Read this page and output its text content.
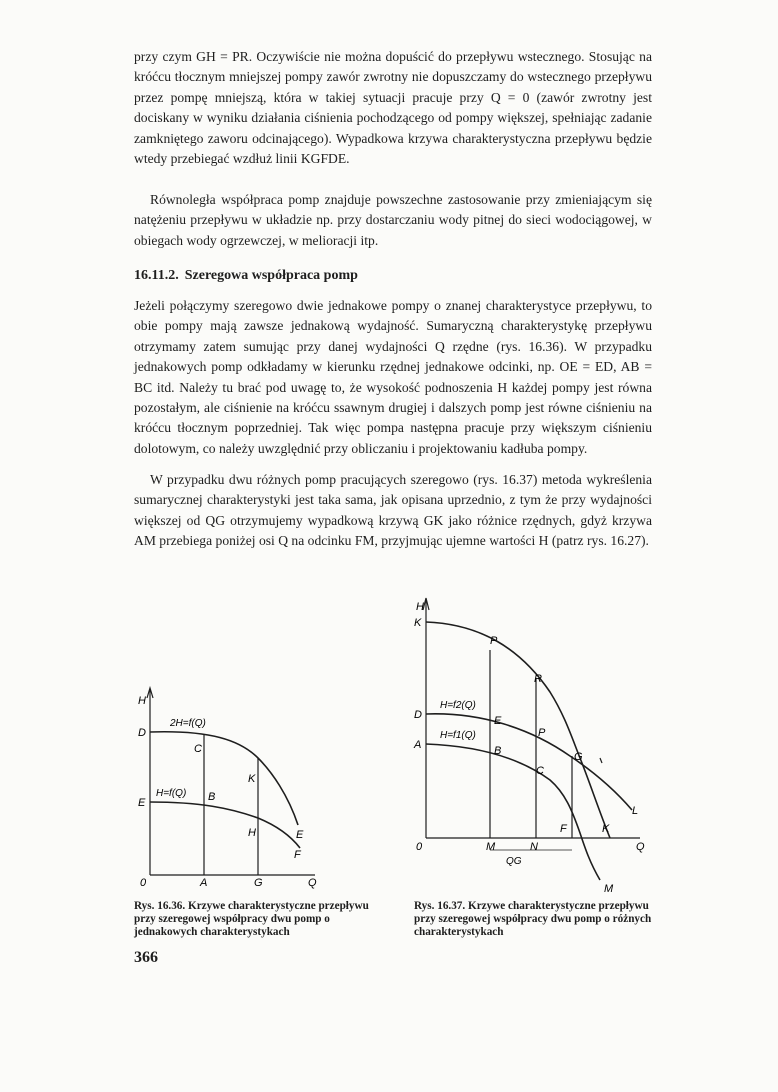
przy czym GH = PR. Oczywiście nie można dopuścić do przepływu wstecznego. Stosując na króćcu tłocznym mniejszej pompy zawór zwrotny nie dopuszczamy do wstecznego przepływu przez pompę mniejszą, która w takiej sytuacji pracuje przy Q = 0 (zawór zwrotny jest dociskany w wyniku działania ciśnienia pochodzącego od pompy większej, spełniając zadanie zamkniętego zaworu odcinającego). Wypadkowa krzywa charakterystyczna przepływu będzie wtedy przebiegać wzdłuż linii KGFDE.

Równoległa współpraca pomp znajduje powszechne zastosowanie przy zmieniającym się natężeniu przepływu w układzie np. przy dostarczaniu wody pitnej do sieci wodociągowej, w obiegach wody ogrzewczej, w melioracji itp.

16.11.2. Szeregowa współpraca pomp

Jeżeli połączymy szeregowo dwie jednakowe pompy o znanej charakterystyce przepływu, to obie pompy mają zawsze jednakową wydajność. Sumaryczną charakterystykę przepływu otrzymamy zatem sumując przy danej wydajności Q rzędne (rys. 16.36). W przypadku jednakowych pomp odkładamy w kierunku rzędnej jednakowe odcinki, np. OE = ED, AB = BC itd. Należy tu brać pod uwagę to, że wysokość podnoszenia H każdej pompy jest równa pozostałym, ale ciśnienie na króćcu ssawnym drugiej i dalszych pomp jest równe ciśnieniu na króćcu tłocznym poprzedniej. Tak więc pompa następna pracuje przy większym ciśnieniu dolotowym, co należy uwzględnić przy obliczaniu i projektowaniu kadłuba pompy.

W przypadku dwu różnych pomp pracujących szeregowo (rys. 16.37) metoda wykreślenia sumarycznej charakterystyki jest taka sama, jak opisana uprzednio, z tym że przy wydajności większej od QG otrzymujemy wypadkową krzywą GK jako różnice rzędnych, gdyż krzywa AM przebiega poniżej osi Q na odcinku FM, przyjmując ujemne wartości H (patrz rys. 16.27).

H
D
E
0	A	G	Q
2H=f(Q)
H=f(Q)
C
B
K
H	E
F

Rys. 16.36. Krzywe charakterystyczne przepływu przy szeregowej współpracy dwu pomp o jednakowych charakterystykach

H
K
D
A
0
P
R
H=f2(Q)
H=f1(Q)
E
B
P
C
G
L
F	K
Q
M	N
QG
M

Rys. 16.37. Krzywe charakterystyczne przepływu przy szeregowej współpracy dwu pomp o różnych charakterystykach

366
